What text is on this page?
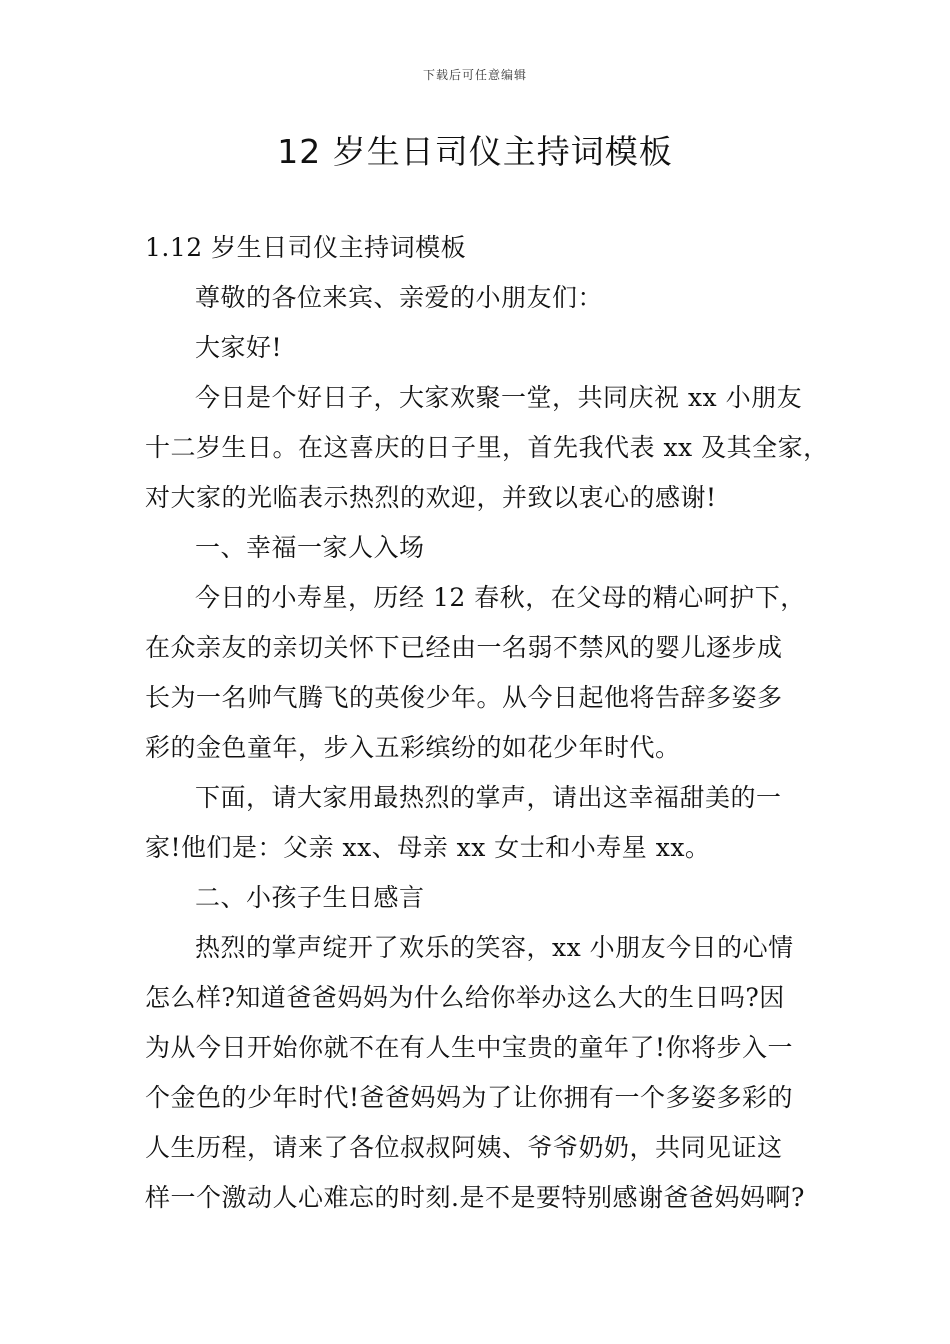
下载后可任意编辑
12 岁生日司仪主持词模板
1.12 岁生日司仪主持词模板
尊敬的各位来宾、亲爱的小朋友们：
大家好!
今日是个好日子，大家欢聚一堂，共同庆祝 xx 小朋友
十二岁生日。在这喜庆的日子里，首先我代表 xx 及其全家，
对大家的光临表示热烈的欢迎，并致以衷心的感谢!
一、幸福一家人入场
今日的小寿星，历经 12 春秋，在父母的精心呵护下，
在众亲友的亲切关怀下已经由一名弱不禁风的婴儿逐步成
长为一名帅气腾飞的英俊少年。从今日起他将告辞多姿多
彩的金色童年，步入五彩缤纷的如花少年时代。
下面，请大家用最热烈的掌声，请出这幸福甜美的一
家!他们是：父亲 xx、母亲 xx 女士和小寿星 xx。
二、小孩子生日感言
热烈的掌声绽开了欢乐的笑容，xx 小朋友今日的心情
怎么样?知道爸爸妈妈为什么给你举办这么大的生日吗?因
为从今日开始你就不在有人生中宝贵的童年了!你将步入一
个金色的少年时代!爸爸妈妈为了让你拥有一个多姿多彩的
人生历程，请来了各位叔叔阿姨、爷爷奶奶，共同见证这
样一个激动人心难忘的时刻.是不是要特别感谢爸爸妈妈啊?
